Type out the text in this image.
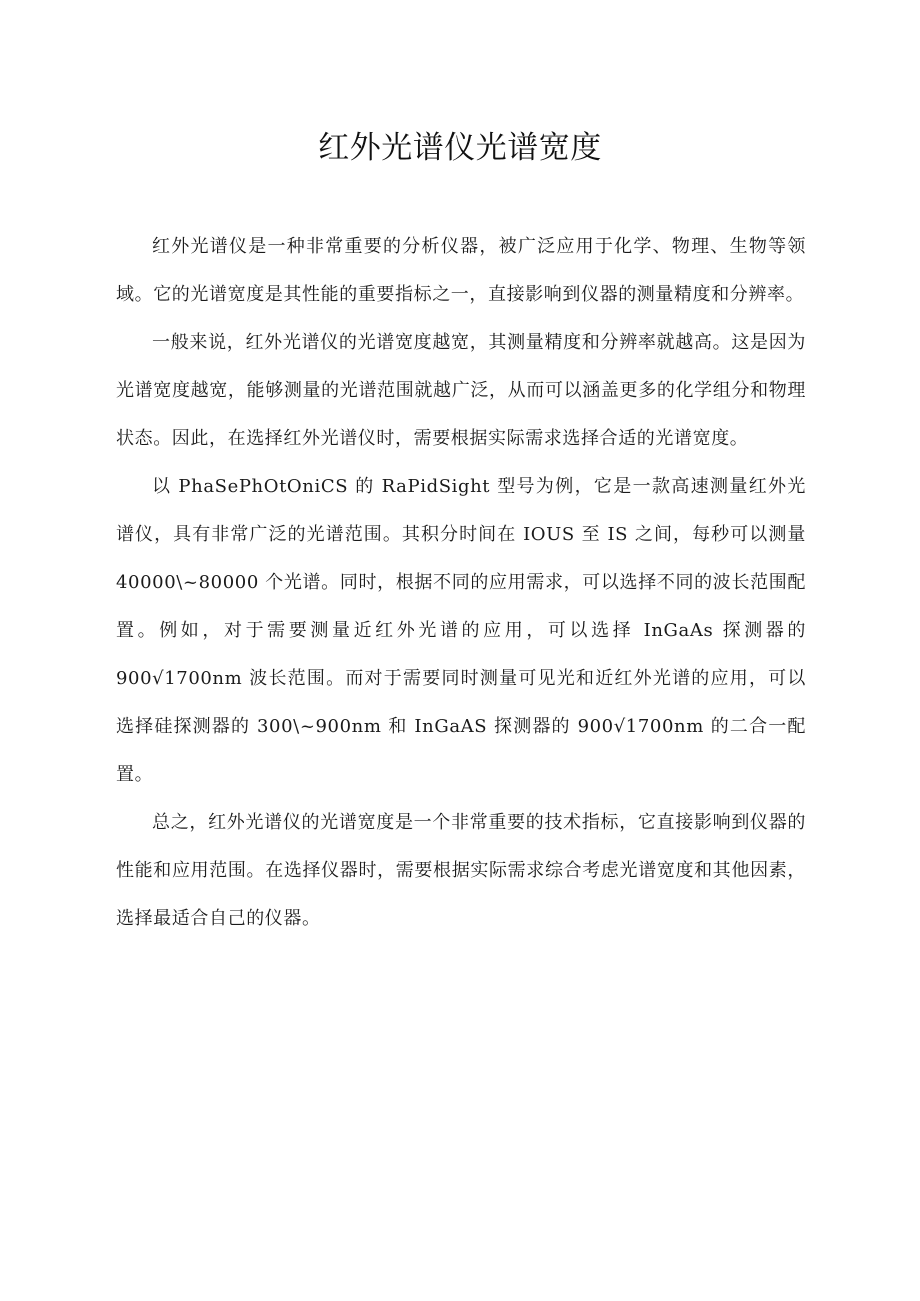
红外光谱仪光谱宽度

红外光谱仪是一种非常重要的分析仪器，被广泛应用于化学、物理、生物等领域。它的光谱宽度是其性能的重要指标之一，直接影响到仪器的测量精度和分辨率。

一般来说，红外光谱仪的光谱宽度越宽，其测量精度和分辨率就越高。这是因为光谱宽度越宽，能够测量的光谱范围就越广泛，从而可以涵盖更多的化学组分和物理状态。因此，在选择红外光谱仪时，需要根据实际需求选择合适的光谱宽度。

以 PhaSePhOtOniCS 的 RaPidSight 型号为例，它是一款高速测量红外光谱仪，具有非常广泛的光谱范围。其积分时间在 IOUS 至 IS 之间，每秒可以测量 40000\~80000 个光谱。同时，根据不同的应用需求，可以选择不同的波长范围配置。例如，对于需要测量近红外光谱的应用，可以选择 InGaAs 探测器的 900√1700nm 波长范围。而对于需要同时测量可见光和近红外光谱的应用，可以选择硅探测器的 300\~900nm 和 InGaAS 探测器的 900√1700nm 的二合一配置。

总之，红外光谱仪的光谱宽度是一个非常重要的技术指标，它直接影响到仪器的性能和应用范围。在选择仪器时，需要根据实际需求综合考虑光谱宽度和其他因素，选择最适合自己的仪器。
